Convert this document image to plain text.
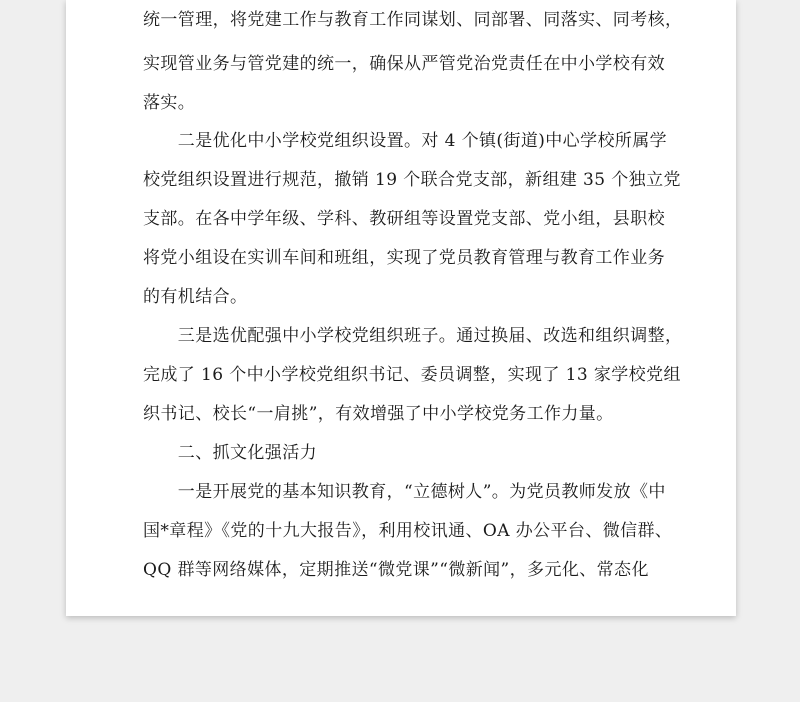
统一管理，将党建工作与教育工作同谋划、同部署、同落实、同考核，
实现管业务与管党建的统一，确保从严管党治党责任在中小学校有效
落实。
　　二是优化中小学校党组织设置。对 4 个镇(街道)中心学校所属学
校党组织设置进行规范，撤销 19 个联合党支部，新组建 35 个独立党
支部。在各中学年级、学科、教研组等设置党支部、党小组，县职校
将党小组设在实训车间和班组，实现了党员教育管理与教育工作业务
的有机结合。
　　三是选优配强中小学校党组织班子。通过换届、改选和组织调整，
完成了 16 个中小学校党组织书记、委员调整，实现了 13 家学校党组
织书记、校长“一肩挑”，有效增强了中小学校党务工作力量。
　　二、抓文化强活力
　　一是开展党的基本知识教育，“立德树人”。为党员教师发放《中
国*章程》《党的十九大报告》，利用校讯通、OA 办公平台、微信群、
QQ 群等网络媒体，定期推送“微党课”“微新闻”，多元化、常态化
